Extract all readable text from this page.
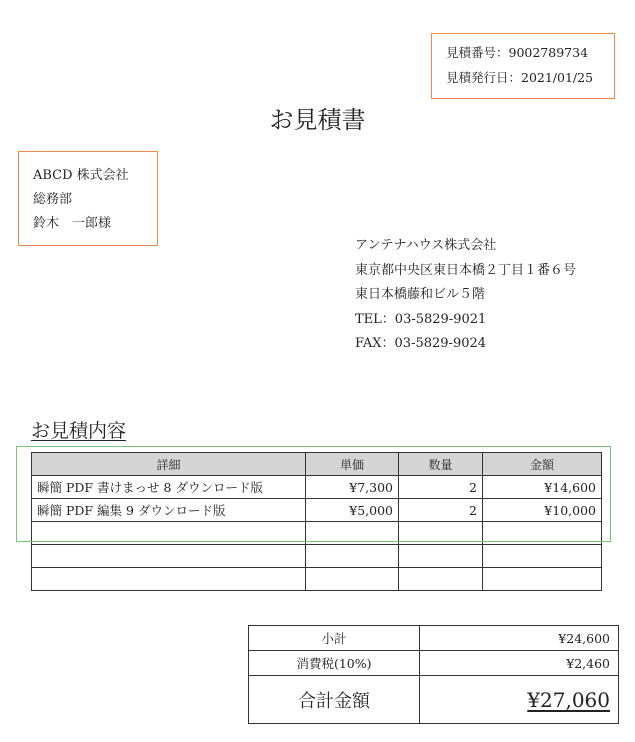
見積番号：9002789734
見積発行日：2021/01/25
お見積書
ABCD 株式会社
総務部
鈴木　一郎様
アンテナハウス株式会社
東京都中央区東日本橋２丁目１番６号
東日本橋藤和ビル５階
TEL：03-5829-9021
FAX：03-5829-9024
お見積内容
詳細	単価	数量	金額
瞬簡 PDF 書けまっせ 8 ダウンロード版	¥7,300	2	¥14,600
瞬簡 PDF 編集 9 ダウンロード版	¥5,000	2	¥10,000

小計	¥24,600
消費税(10%)	¥2,460
合計金額	¥27,060
